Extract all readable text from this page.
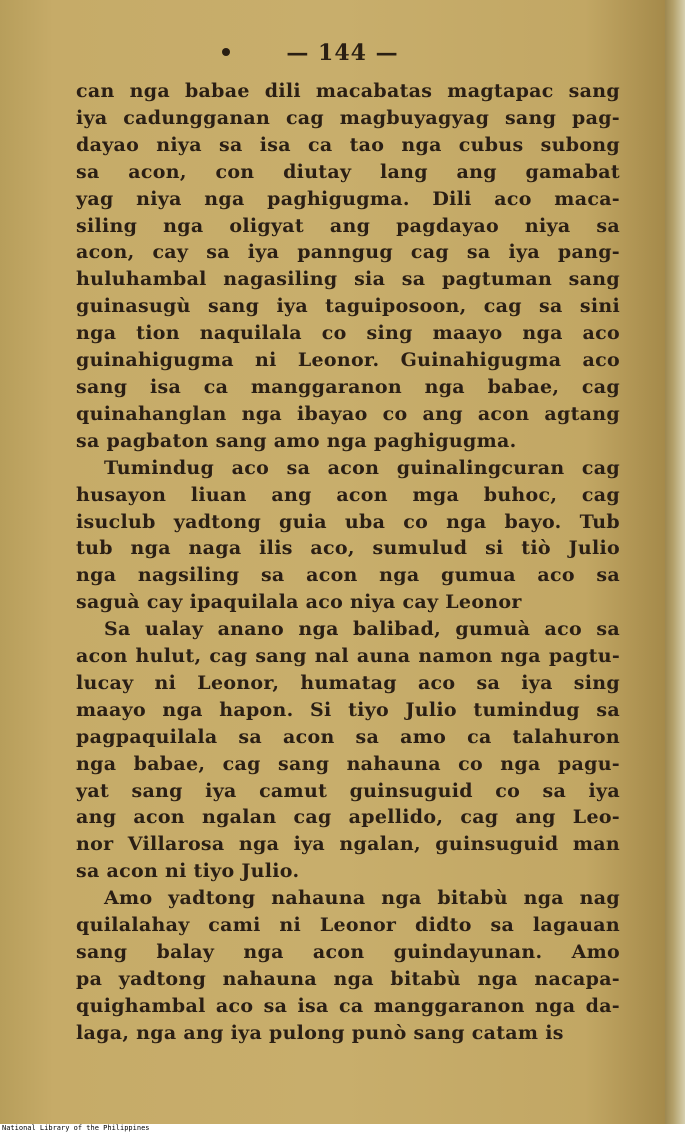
— 144 —
can nga babae dili macabatas magtapac sang
iya cadungganan cag magbuyagyag sang pag-
dayao niya sa isa ca tao nga cubus subong
sa acon, con diutay lang ang gamabat
yag niya nga paghigugma. Dili aco maca-
siling nga oligyat ang pagdayao niya sa
acon, cay sa iya panngug cag sa iya pang-
huluhambal nagasiling sia sa pagtuman sang
guinasugù sang iya taguiposoon, cag sa sini
nga tion naquilala co sing maayo nga aco
guinahigugma ni Leonor. Guinahigugma aco
sang isa ca manggaranon nga babae, cag
quinahanglan nga ibayao co ang acon agtang
sa pagbaton sang amo nga paghigugma.
Tumindug aco sa acon guinalingcuran cag
husayon liuan ang acon mga buhoc, cag
isuclub yadtong guia uba co nga bayo. Tub
tub nga naga ilis aco, sumulud si tiò Julio
nga nagsiling sa acon nga gumua aco sa
saguà cay ipaquilala aco niya cay Leonor
Sa ualay anano nga balibad, gumuà aco sa
acon hulut, cag sang nal auna namon nga pagtu-
lucay ni Leonor, humatag aco sa iya sing
maayo nga hapon. Si tiyo Julio tumindug sa
pagpaquilala sa acon sa amo ca talahuron
nga babae, cag sang nahauna co nga pagu-
yat sang iya camut guinsuguid co sa iya
ang acon ngalan cag apellido, cag ang Leo-
nor Villarosa nga iya ngalan, guinsuguid man
sa acon ni tiyo Julio.
Amo yadtong nahauna nga bitabù nga nag
quilalahay cami ni Leonor didto sa lagauan
sang balay nga acon guindayunan. Amo
pa yadtong nahauna nga bitabù nga nacapa-
quighambal aco sa isa ca manggaranon nga da-
laga, nga ang iya pulong punò sang catam is
National Library of the Philippines
